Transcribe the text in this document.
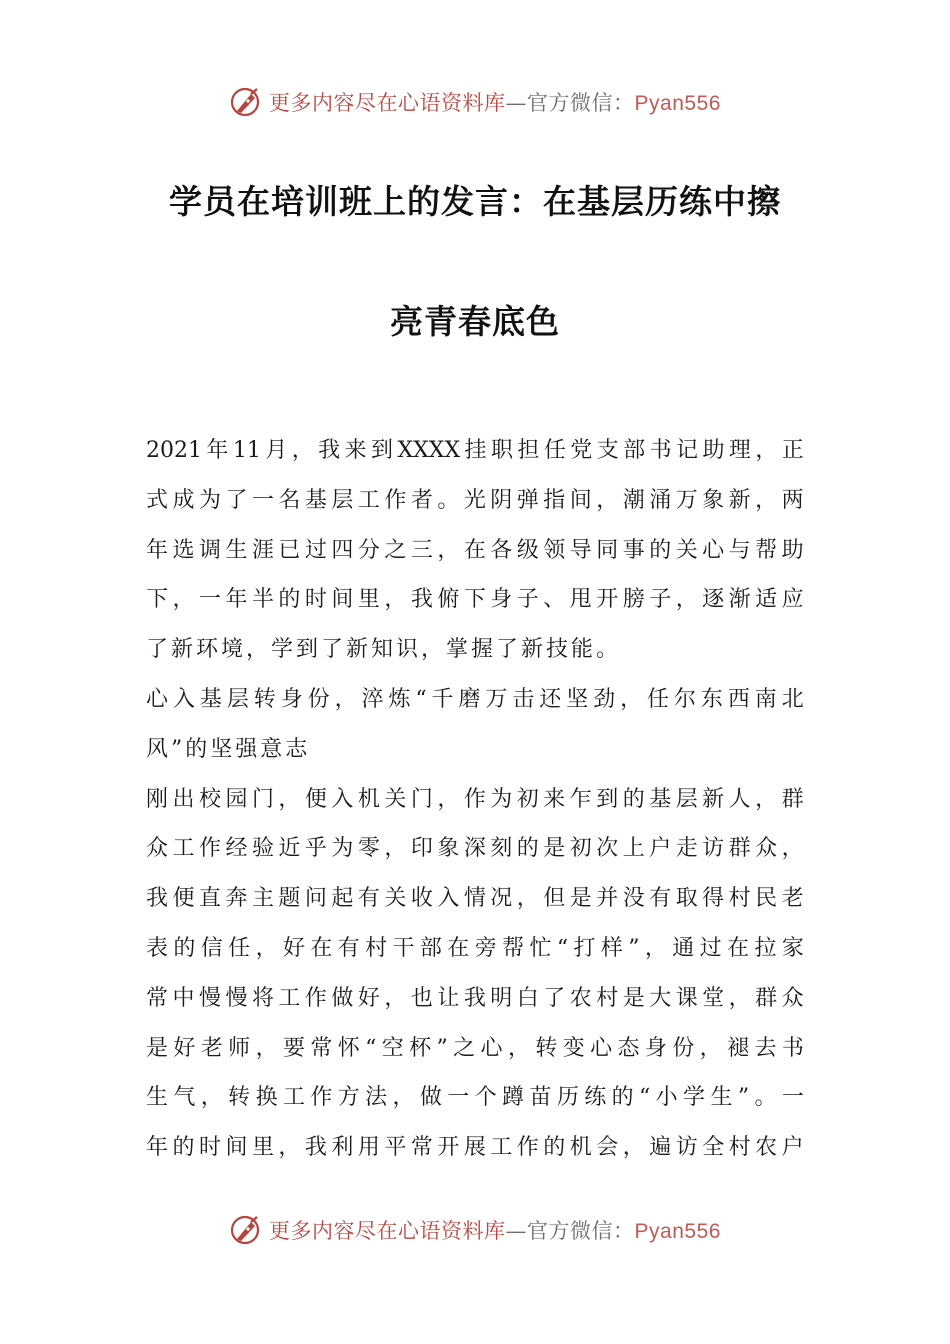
更多内容尽在心语资料库—官方微信：Pyan556
学员在培训班上的发言：在基层历练中擦
亮青春底色
2021 年 11 月 ， 我 来 到 XXXX 挂 职 担 任 党 支 部 书 记 助 理 ， 正
式 成 为 了 一 名 基 层 工 作 者 。 光 阴 弹 指 间 ， 潮 涌 万 象 新 ， 两
年 选 调 生 涯 已 过 四 分 之 三 ， 在 各 级 领 导 同 事 的 关 心 与 帮 助
下 ， 一 年 半 的 时 间 里 ， 我 俯 下 身 子 、 甩 开 膀 子 ， 逐 渐 适 应
了新环境，学到了新知识，掌握了新技能。
心 入 基 层 转 身 份 ， 淬 炼 “ 千 磨 万 击 还 坚 劲 ， 任 尔 东 西 南 北
风”的坚强意志
刚 出 校 园 门 ， 便 入 机 关 门 ， 作 为 初 来 乍 到 的 基 层 新 人 ， 群
众 工 作 经 验 近 乎 为 零 ， 印 象 深 刻 的 是 初 次 上 户 走 访 群 众 ，
我 便 直 奔 主 题 问 起 有 关 收 入 情 况 ， 但 是 并 没 有 取 得 村 民 老
表 的 信 任 ， 好 在 有 村 干 部 在 旁 帮 忙 “ 打 样 ” ， 通 过 在 拉 家
常 中 慢 慢 将 工 作 做 好 ， 也 让 我 明 白 了 农 村 是 大 课 堂 ， 群 众
是 好 老 师 ， 要 常 怀 “ 空 杯 ” 之 心 ， 转 变 心 态 身 份 ， 褪 去 书
生 气 ， 转 换 工 作 方 法 ， 做 一 个 蹲 苗 历 练 的 “ 小 学 生 ” 。 一
年 的 时 间 里 ， 我 利 用 平 常 开 展 工 作 的 机 会 ， 遍 访 全 村 农 户
更多内容尽在心语资料库—官方微信：Pyan556
